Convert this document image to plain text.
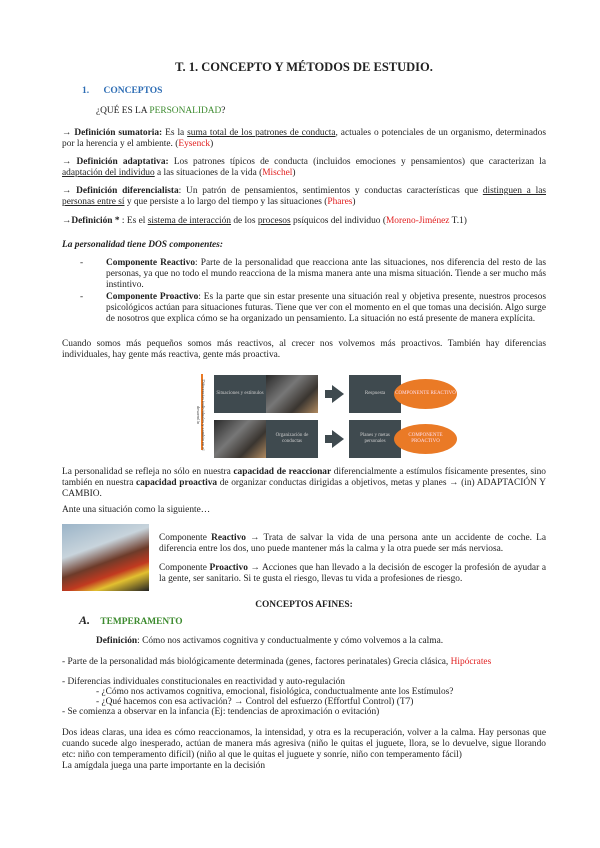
T. 1. CONCEPTO Y MÉTODOS DE ESTUDIO.
1. CONCEPTOS
¿QUÉ ES LA PERSONALIDAD?
→ Definición sumatoria: Es la suma total de los patrones de conducta, actuales o potenciales de un organismo, determinados por la herencia y el ambiente. (Eysenck)
→ Definición adaptativa: Los patrones típicos de conducta (incluidos emociones y pensamientos) que caracterizan la adaptación del individuo a las situaciones de la vida (Mischel)
→ Definición diferencialista: Un patrón de pensamientos, sentimientos y conductas características que distinguen a las personas entre sí y que persiste a lo largo del tiempo y las situaciones (Phares)
→Definición * : Es el sistema de interacción de los procesos psíquicos del individuo (Moreno-Jiménez T.1)
La personalidad tiene DOS componentes:
- Componente Reactivo: Parte de la personalidad que reacciona ante las situaciones, nos diferencia del resto de las personas, ya que no todo el mundo reacciona de la misma manera ante una misma situación. Tiende a ser mucho más instintivo.
- Componente Proactivo: Es la parte que sin estar presente una situación real y objetiva presente, nuestros procesos psicológicos actúan para situaciones futuras. Tiene que ver con el momento en el que tomas una decisión. Algo surge de nosotros que explica cómo se ha organizado un pensamiento. La situación no está presente de manera explícita.
Cuando somos más pequeños somos más reactivos, al crecer nos volvemos más proactivos. También hay diferencias individuales, hay gente más reactiva, gente más proactiva.
Diferencias individuales y cambio en el desarrollo
Situaciones y estímulos	Respuesta	COMPONENTE REACTIVO
Organización de conductas
Planes y metas personales
COMPONENTE PROACTIVO
La personalidad se refleja no sólo en nuestra capacidad de reaccionar diferencialmente a estímulos físicamente presentes, sino también en nuestra capacidad proactiva de organizar conductas dirigidas a objetivos, metas y planes → (in) ADAPTACIÓN Y CAMBIO.
Ante una situación como la siguiente…
Componente Reactivo → Trata de salvar la vida de una persona ante un accidente de coche. La diferencia entre los dos, uno puede mantener más la calma y la otra puede ser más nerviosa.
Componente Proactivo → Acciones que han llevado a la decisión de escoger la profesión de ayudar a la gente, ser sanitario. Si te gusta el riesgo, llevas tu vida a profesiones de riesgo.
CONCEPTOS AFINES:
A. TEMPERAMENTO
Definición: Cómo nos activamos cognitiva y conductualmente y cómo volvemos a la calma.
- Parte de la personalidad más biológicamente determinada (genes, factores perinatales) Grecia clásica, Hipócrates
- Diferencias individuales constitucionales en reactividad y auto-regulación
- ¿Cómo nos activamos cognitiva, emocional, fisiológica, conductualmente ante los Estímulos?
- ¿Qué hacemos con esa activación? → Control del esfuerzo (Effortful Control) (T7)
- Se comienza a observar en la infancia (Ej: tendencias de aproximación o evitación)
Dos ideas claras, una idea es cómo reaccionamos, la intensidad, y otra es la recuperación, volver a la calma. Hay personas que cuando sucede algo inesperado, actúan de manera más agresiva (niño le quitas el juguete, llora, se lo devuelve, sigue llorando etc: niño con temperamento difícil) (niño al que le quitas el juguete y sonríe, niño con temperamento fácil)
La amígdala juega una parte importante en la decisión
